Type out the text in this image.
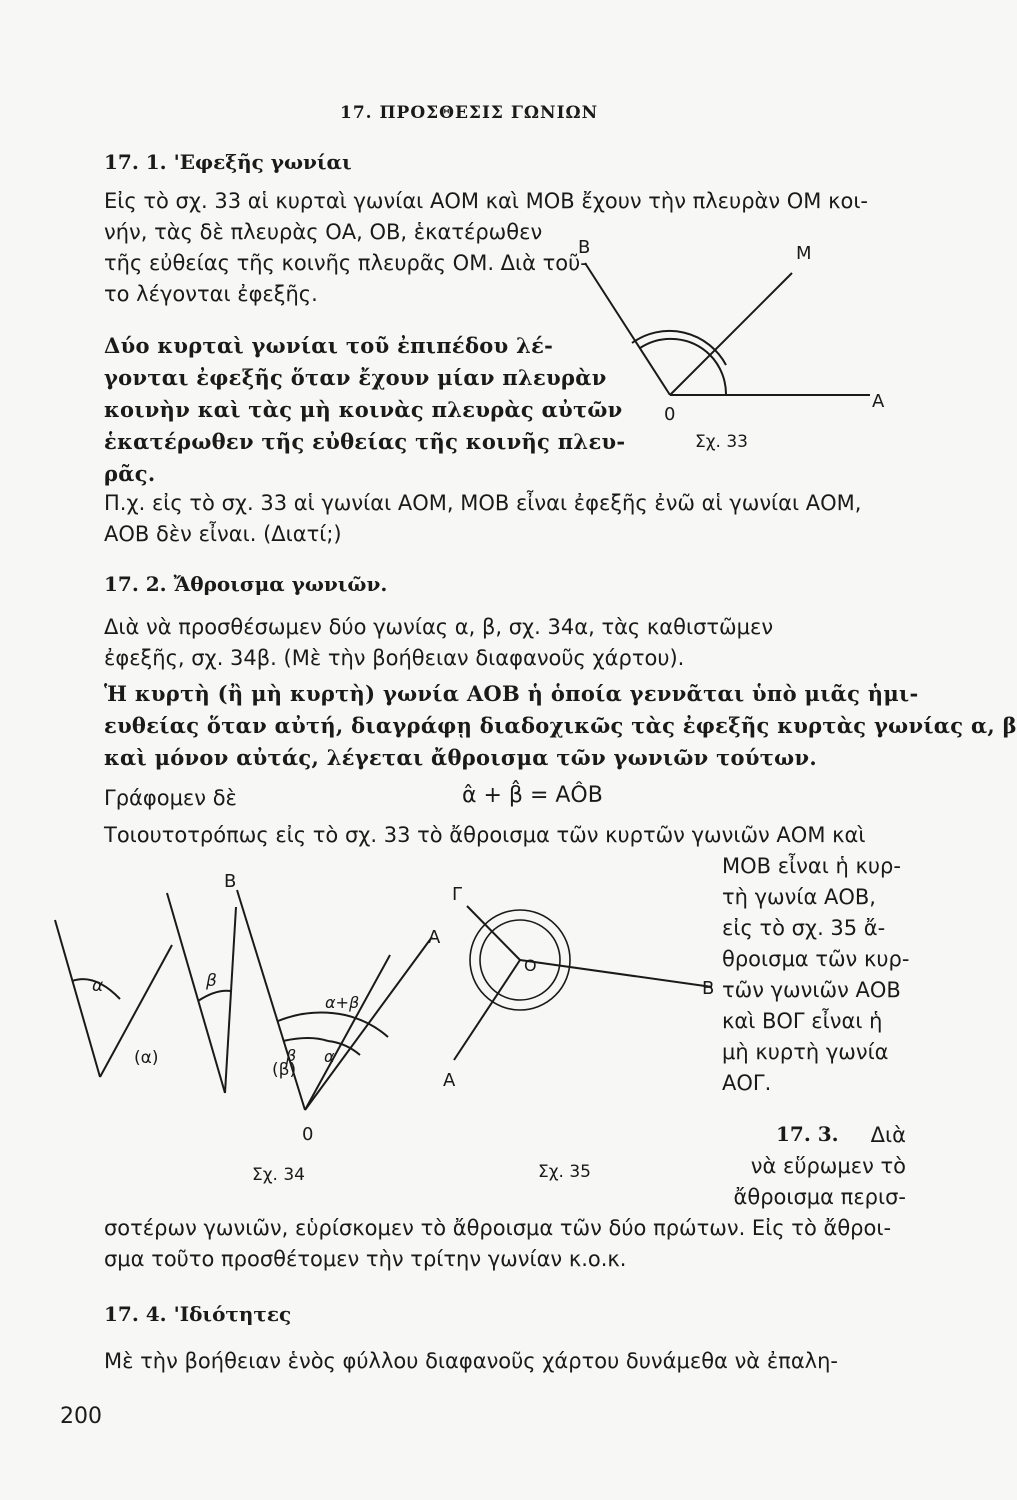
17. ΠΡΟΣΘΕΣΙΣ ΓΩΝΙΩΝ
17. 1. 'Εφεξῆς γωνίαι
Εἰς τὸ σχ. 33 αἱ κυρταὶ γωνίαι ΑΟΜ καὶ ΜΟΒ ἔχουν τὴν πλευρὰν ΟΜ κοι-
νήν, τὰς δὲ πλευρὰς ΟΑ, ΟΒ, ἑκατέρωθεν
τῆς εὐθείας τῆς κοινῆς πλευρᾶς ΟΜ. Διὰ τοῦ-
το λέγονται ἐφεξῆς.
Δύο κυρταὶ γωνίαι τοῦ ἐπιπέδου λέ-
γονται ἐφεξῆς ὅταν ἔχουν μίαν πλευρὰν
κοινὴν καὶ τὰς μὴ κοινὰς πλευρὰς αὐτῶν
ἑκατέρωθεν τῆς εὐθείας τῆς κοινῆς πλευ-
ρᾶς.
Β	Μ
0
Α
Σχ. 33
Π.χ. εἰς τὸ σχ. 33 αἱ γωνίαι ΑΟΜ, ΜΟΒ εἶναι ἐφεξῆς ἐνῶ αἱ γωνίαι ΑΟΜ,
ΑΟΒ δὲν εἶναι. (Διατί;)
17. 2. Ἄθροισμα γωνιῶν.
Διὰ νὰ προσθέσωμεν δύο γωνίας α, β, σχ. 34α, τὰς καθιστῶμεν
ἐφεξῆς, σχ. 34β. (Μὲ τὴν βοήθειαν διαφανοῦς χάρτου).
Ἡ κυρτὴ (ἢ μὴ κυρτὴ) γωνία ΑΟΒ ἡ ὁποία γεννᾶται ὑπὸ μιᾶς ἡμι-
ευθείας ὅταν αὐτή, διαγράφῃ διαδοχικῶς τὰς ἐφεξῆς κυρτὰς γωνίας α, β
καὶ μόνον αὐτάς, λέγεται ἄθροισμα τῶν γωνιῶν τούτων.
Γράφομεν δὲ	α̂ + β̂ = ΑÔΒ
Τοιουτοτρόπως εἰς τὸ σχ. 33 τὸ ἄθροισμα τῶν κυρτῶν γωνιῶν ΑΟΜ καὶ
ΜΟΒ εἶναι ἡ κυρ-
τὴ γωνία ΑΟΒ,
εἰς τὸ σχ. 35 ἄ-
θροισμα τῶν κυρ-
τῶν γωνιῶν ΑΟΒ
καὶ ΒΟΓ εἶναι ἡ
μὴ κυρτὴ γωνία
ΑΟΓ.
α	β
(α)
(β)
Β
Α
0
α+β
β α
Σχ. 34
Γ
Ο
Β
Α
Σχ. 35
17. 3.	Διὰ
νὰ εὕρωμεν τὸ
ἄθροισμα περισ-
σοτέρων γωνιῶν, εὑρίσκομεν τὸ ἄθροισμα τῶν δύο πρώτων. Εἰς τὸ ἄθροι-
σμα τοῦτο προσθέτομεν τὴν τρίτην γωνίαν κ.ο.κ.
17. 4. 'Ιδιότητες
Μὲ τὴν βοήθειαν ἑνὸς φύλλου διαφανοῦς χάρτου δυνάμεθα νὰ ἐπαλη-
200
